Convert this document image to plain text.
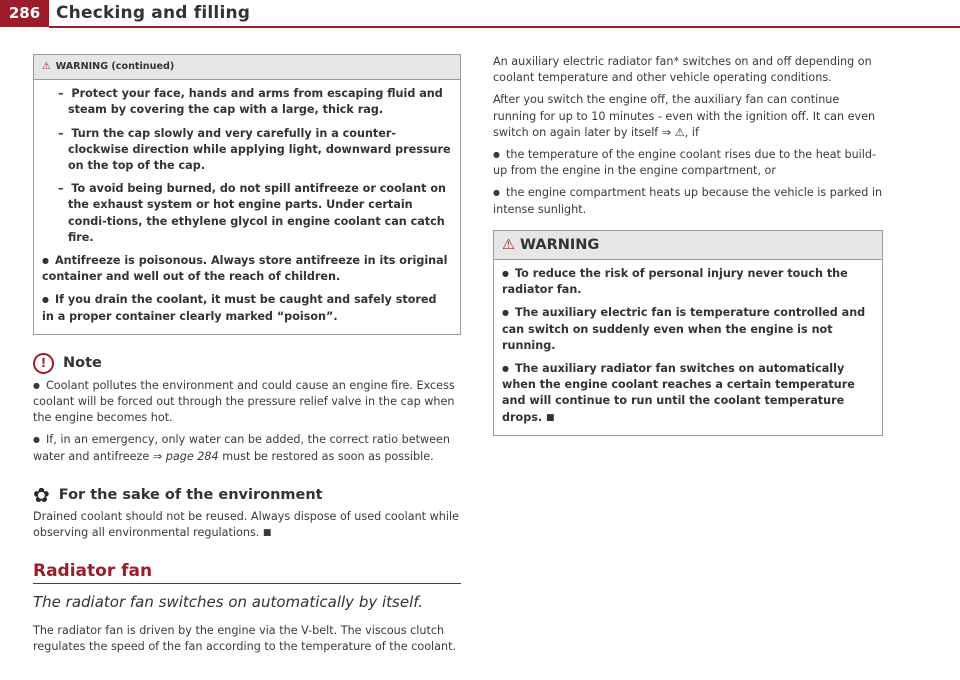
286 Checking and filling
⚠ WARNING (continued)

– Protect your face, hands and arms from escaping fluid and steam by covering the cap with a large, thick rag.

– Turn the cap slowly and very carefully in a counter-clockwise direction while applying light, downward pressure on the top of the cap.

– To avoid being burned, do not spill antifreeze or coolant on the exhaust system or hot engine parts. Under certain condi-tions, the ethylene glycol in engine coolant can catch fire.

● Antifreeze is poisonous. Always store antifreeze in its original container and well out of the reach of children.

● If you drain the coolant, it must be caught and safely stored in a proper container clearly marked “poison”.

!	Note

● Coolant pollutes the environment and could cause an engine fire. Excess coolant will be forced out through the pressure relief valve in the cap when the engine becomes hot.

● If, in an emergency, only water can be added, the correct ratio between water and antifreeze ⇒ page 284 must be restored as soon as possible.

✿ For the sake of the environment

Drained coolant should not be reused. Always dispose of used coolant while observing all environmental regulations. ■

Radiator fan
The radiator fan switches on automatically by itself.

The radiator fan is driven by the engine via the V-belt. The viscous clutch regulates the speed of the fan according to the temperature of the coolant.

An auxiliary electric radiator fan* switches on and off depending on coolant temperature and other vehicle operating conditions.

After you switch the engine off, the auxiliary fan can continue running for up to 10 minutes - even with the ignition off. It can even switch on again later by itself ⇒ ⚠, if

● the temperature of the engine coolant rises due to the heat build-up from the engine in the engine compartment, or

● the engine compartment heats up because the vehicle is parked in intense sunlight.

⚠ WARNING

● To reduce the risk of personal injury never touch the radiator fan.

● The auxiliary electric fan is temperature controlled and can switch on suddenly even when the engine is not running.

● The auxiliary radiator fan switches on automatically when the engine coolant reaches a certain temperature and will continue to run until the coolant temperature drops. ■
